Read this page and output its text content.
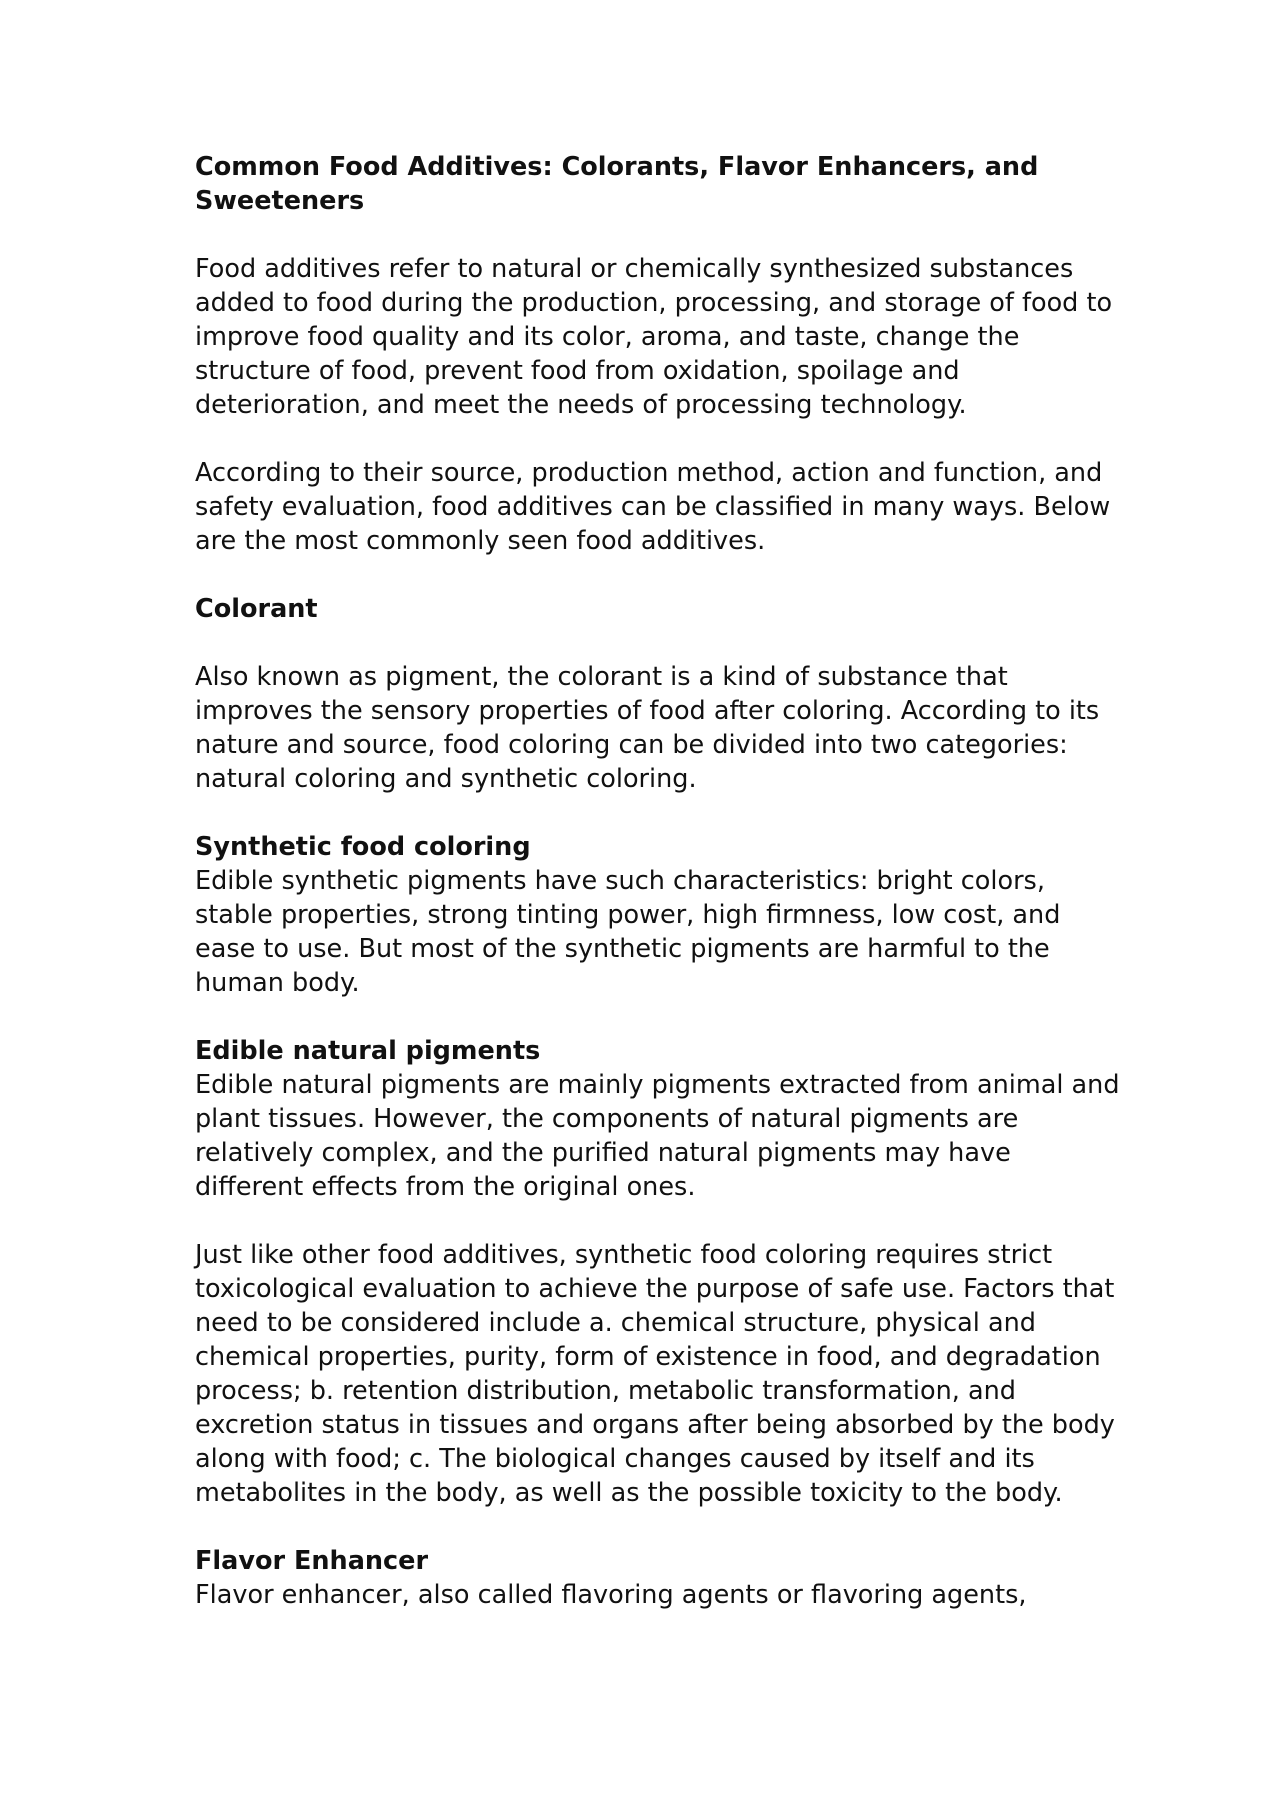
Common Food Additives: Colorants, Flavor Enhancers, and Sweeteners

Food additives refer to natural or chemically synthesized substances added to food during the production, processing, and storage of food to improve food quality and its color, aroma, and taste, change the structure of food, prevent food from oxidation, spoilage and deterioration, and meet the needs of processing technology.

According to their source, production method, action and function, and safety evaluation, food additives can be classified in many ways. Below are the most commonly seen food additives.

Colorant

Also known as pigment, the colorant is a kind of substance that improves the sensory properties of food after coloring. According to its nature and source, food coloring can be divided into two categories: natural coloring and synthetic coloring.

Synthetic food coloring

Edible synthetic pigments have such characteristics: bright colors, stable properties, strong tinting power, high firmness, low cost, and ease to use. But most of the synthetic pigments are harmful to the human body.

Edible natural pigments

Edible natural pigments are mainly pigments extracted from animal and plant tissues. However, the components of natural pigments are relatively complex, and the purified natural pigments may have different effects from the original ones.

Just like other food additives, synthetic food coloring requires strict toxicological evaluation to achieve the purpose of safe use. Factors that need to be considered include a. chemical structure, physical and chemical properties, purity, form of existence in food, and degradation process; b. retention distribution, metabolic transformation, and excretion status in tissues and organs after being absorbed by the body along with food; c. The biological changes caused by itself and its metabolites in the body, as well as the possible toxicity to the body.

Flavor Enhancer

Flavor enhancer, also called flavoring agents or flavoring agents,
